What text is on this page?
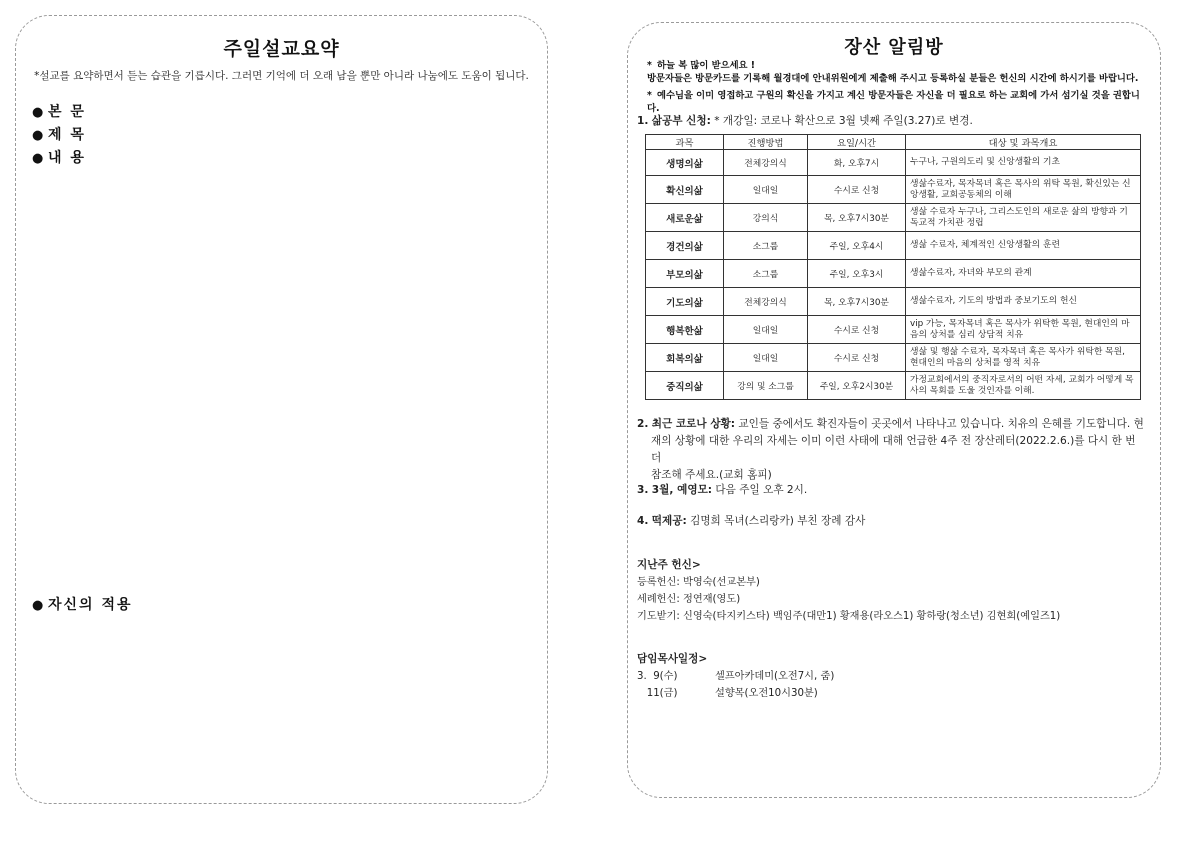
주일설교요약
*설교를 요약하면서 듣는 습관을 기릅시다. 그러면 기억에 더 오래 남을 뿐만 아니라 나눔에도 도움이 됩니다.
● 본 문
● 제 목
● 내 용
● 자신의 적용
장산 알림방
* 하늘 복 많이 받으세요 !
방문자들은 방문카드를 기록해 월경대에 안내위원에게 제출해 주시고 등록하실 분들은 헌신의 시간에 하시기를 바랍니다.
* 예수님을 이미 영접하고 구원의 확신을 가지고 계신 방문자들은 자신을 더 필요로 하는 교회에 가서 섬기실 것을 권합니다.
1. 삶공부 신청: * 개강일: 코로나 확산으로 3월 넷째 주일(3.27)로 변경.
과목	진행방법	요일/시간	대상 및 과목개요
생명의삶	전체강의식	화, 오후7시	누구나, 구원의도리 및 신앙생활의 기초
확신의삶	일대일	수시로 신청	생삶수료자, 목자목녀 혹은 목사의 위탁 목원, 확신있는 신앙생활, 교회공동체의 이해
새로운삶	강의식	목, 오후7시30분	생삶 수료자 누구나, 그리스도인의 새로운 삶의 방향과 기독교적 가치관 정립
경건의삶	소그룹	주일, 오후4시	생삶 수료자, 체계적인 신앙생활의 훈련
부모의삶	소그룹	주일, 오후3시	생삶수료자, 자녀와 부모의 관계
기도의삶	전체강의식	목, 오후7시30분	생삶수료자, 기도의 방법과 중보기도의 헌신
행복한삶	일대일	수시로 신청	vip 가능, 목자목녀 혹은 목사가 위탁한 목원, 현대인의 마음의 상처를 심리 상담적 치유
회복의삶	일대일	수시로 신청	생삶 및 행삶 수료자, 목자목녀 혹은 목사가 위탁한 목원, 현대인의 마음의 상처를 영적 치유
중직의삶	강의 및 소그룹	주일, 오후2시30분	가정교회에서의 중직자로서의 어떤 자세, 교회가 어떻게 목사의 목회를 도울 것인자를 이해.
2. 최근 코로나 상황: 교인들 중에서도 확진자들이 곳곳에서 나타나고 있습니다. 치유의 은혜를 기도합니다. 현
재의 상황에 대한 우리의 자세는 이미 이런 사태에 대해 언급한 4주 전 장산레터(2022.2.6.)를 다시 한 번 더
참조해 주세요.(교회 홈피)
3. 3월, 예영모: 다음 주일 오후 2시.
4. 떡제공: 김명희 목녀(스리랑카) 부친 장례 감사
지난주 헌신>
등록헌신: 박영숙(선교본부)
세례헌신: 정연재(영도)
기도받기: 신영숙(타지키스타) 백임주(대만1) 황재용(라오스1) 황하랑(청소년) 김현희(예일즈1)
담임목사일정>
3.  9(수)	셀프아카데미(오전7시, 줌)
11(금)	설향목(오전10시30분)
